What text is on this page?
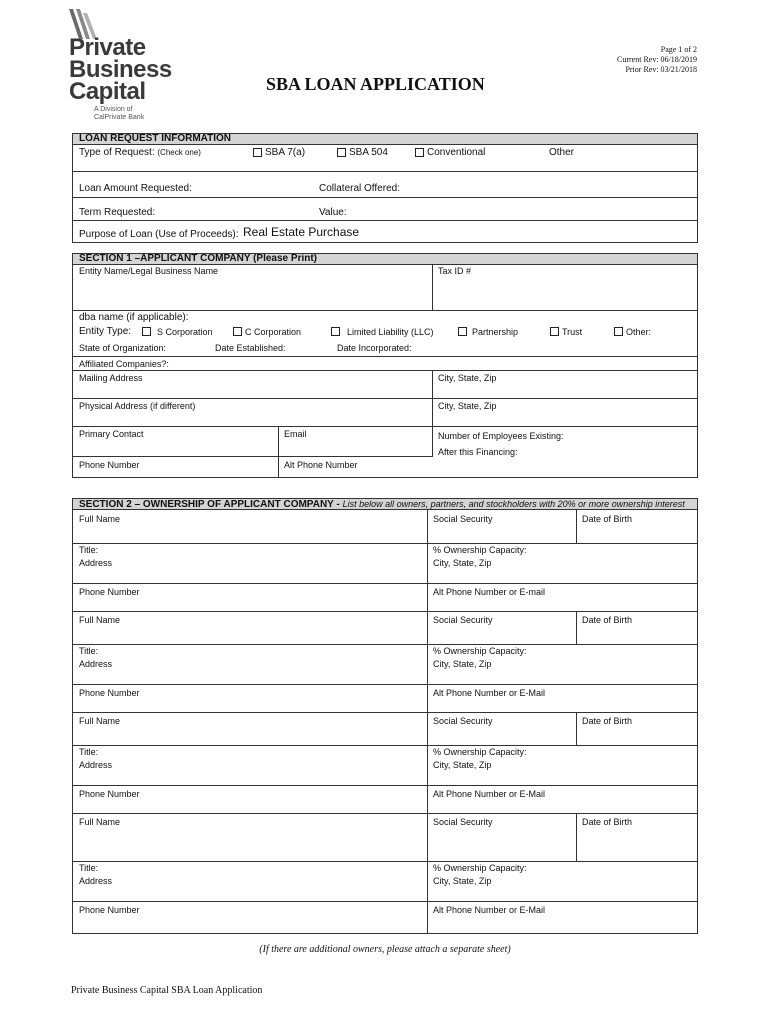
Private
Business
Capital
A Division of
CalPrivate Bank
Page 1 of 2
Current Rev: 06/18/2019
Prior Rev: 03/21/2018
SBA LOAN APPLICATION
LOAN REQUEST INFORMATION
Type of Request: (Check one)	SBA 7(a)	SBA 504	Conventional	Other
Loan Amount Requested:	Collateral Offered:
Term Requested:	Value:
Purpose of Loan (Use of Proceeds): Real Estate Purchase
SECTION 1 –APPLICANT COMPANY (Please Print)
Entity Name/Legal Business Name	Tax ID #
dba name (if applicable):
Entity Type:	S Corporation	C Corporation	Limited Liability (LLC)	Partnership	Trust	Other:
State of Organization:	Date Established:	Date Incorporated:
Affiliated Companies?:
Mailing Address	City, State, Zip
Physical Address (if different)	City, State, Zip
Primary Contact	Email	Number of Employees Existing:
After this Financing:
Phone Number	Alt Phone Number
SECTION 2 – OWNERSHIP OF APPLICANT COMPANY - List below all owners, partners, and stockholders with 20% or more ownership interest
Full Name	Social Security	Date of Birth
Title:	% Ownership Capacity:
Address	City, State, Zip
Phone Number	Alt Phone Number or E-mail
Full Name	Social Security	Date of Birth
Title:	% Ownership Capacity:
Address	City, State, Zip
Phone Number	Alt Phone Number or E-Mail
Full Name	Social Security	Date of Birth
Title:	% Ownership Capacity:
Address	City, State, Zip
Phone Number	Alt Phone Number or E-Mail
Full Name	Social Security	Date of Birth
Title:	% Ownership Capacity:
Address	City, State, Zip
Phone Number	Alt Phone Number or E-Mail
(If there are additional owners, please attach a separate sheet)
Private Business Capital SBA Loan Application
